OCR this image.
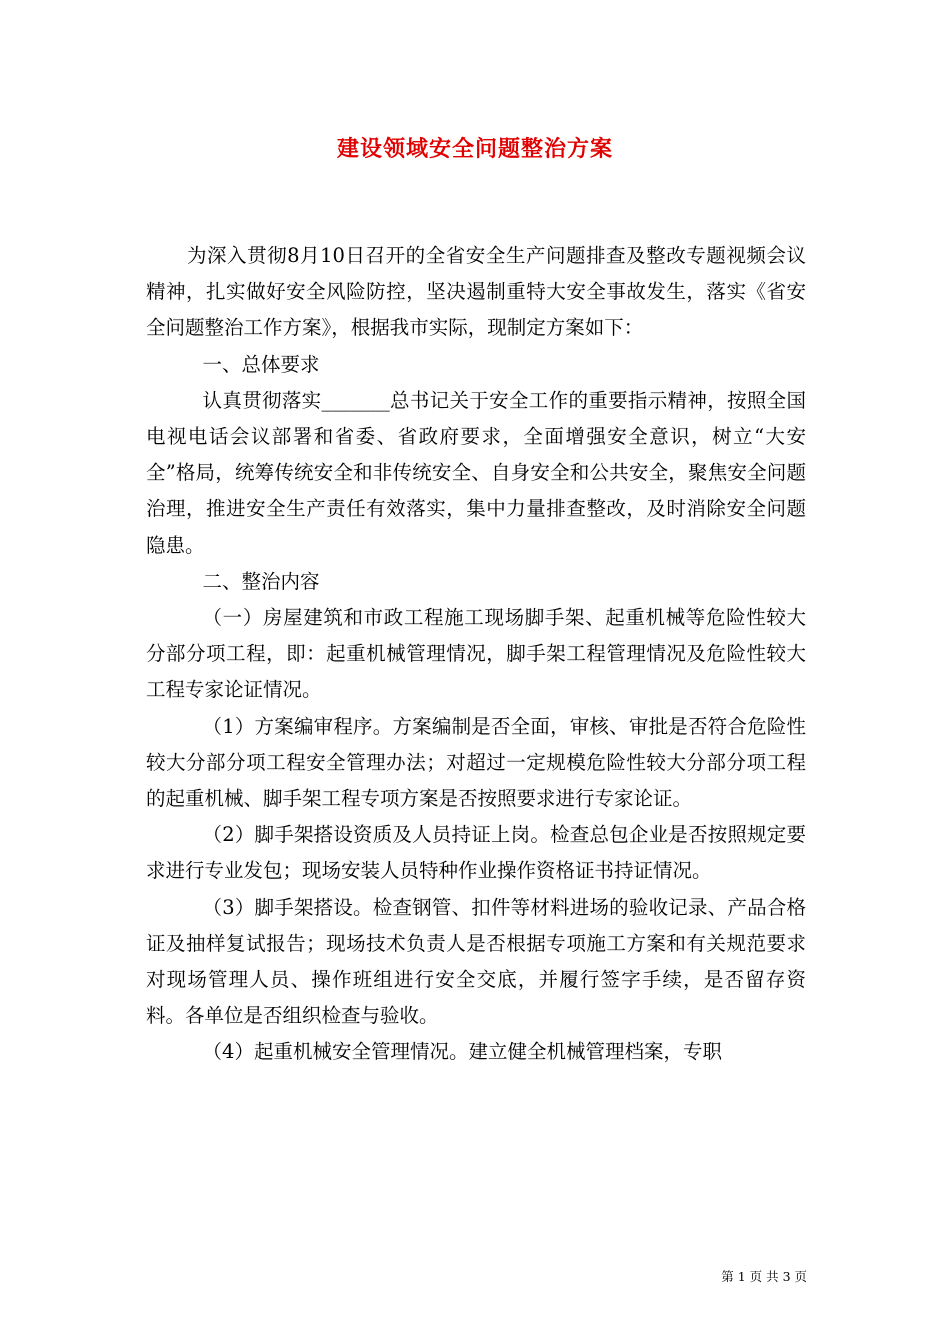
建设领域安全问题整治方案

为深入贯彻8月10日召开的全省安全生产问题排查及整改专题视频会议精神，扎实做好安全风险防控，坚决遏制重特大安全事故发生，落实《省安全问题整治工作方案》，根据我市实际，现制定方案如下：

一、总体要求

认真贯彻落实_______总书记关于安全工作的重要指示精神，按照全国电视电话会议部署和省委、省政府要求，全面增强安全意识，树立“大安全”格局，统筹传统安全和非传统安全、自身安全和公共安全，聚焦安全问题治理，推进安全生产责任有效落实，集中力量排查整改，及时消除安全问题隐患。

二、整治内容

（一）房屋建筑和市政工程施工现场脚手架、起重机械等危险性较大分部分项工程，即：起重机械管理情况，脚手架工程管理情况及危险性较大工程专家论证情况。

（1）方案编审程序。方案编制是否全面，审核、审批是否符合危险性较大分部分项工程安全管理办法；对超过一定规模危险性较大分部分项工程的起重机械、脚手架工程专项方案是否按照要求进行专家论证。

（2）脚手架搭设资质及人员持证上岗。检查总包企业是否按照规定要求进行专业发包；现场安装人员特种作业操作资格证书持证情况。

（3）脚手架搭设。检查钢管、扣件等材料进场的验收记录、产品合格证及抽样复试报告；现场技术负责人是否根据专项施工方案和有关规范要求对现场管理人员、操作班组进行安全交底，并履行签字手续，是否留存资料。各单位是否组织检查与验收。

（4）起重机械安全管理情况。建立健全机械管理档案，专职

第 1 页 共 3 页
